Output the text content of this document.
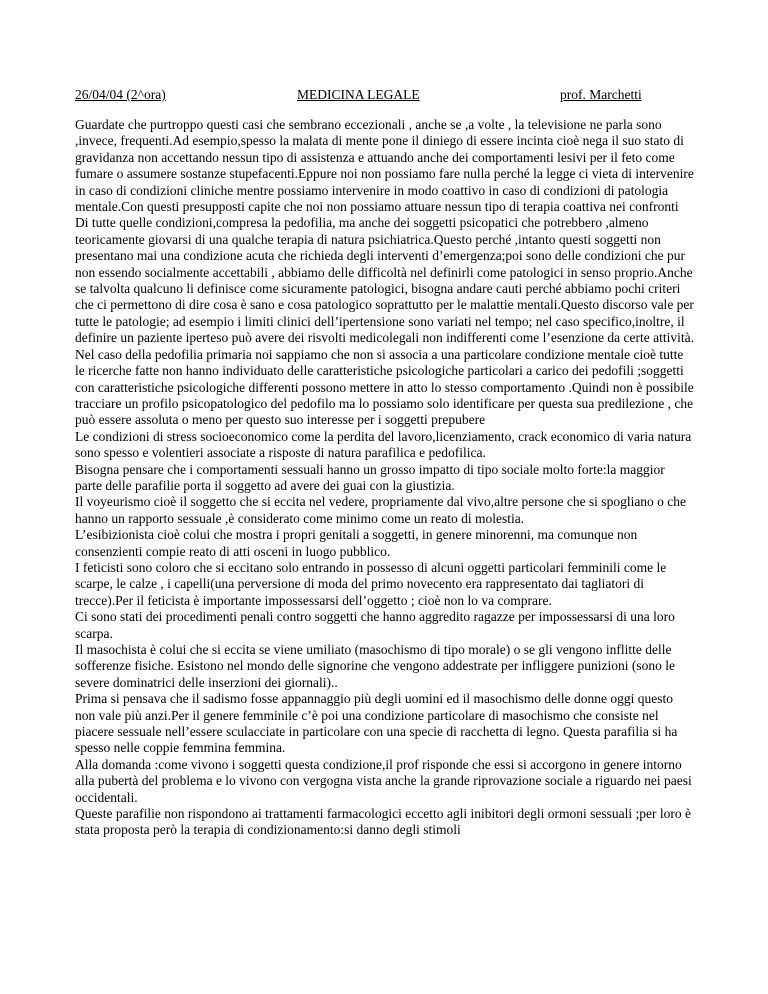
26/04/04 (2^ora)	MEDICINA LEGALE	prof. Marchetti

Guardate che purtroppo questi casi che sembrano eccezionali , anche se ,a volte , la televisione ne parla sono ,invece, frequenti.Ad esempio,spesso la malata di mente pone il diniego di essere incinta cioè nega il suo stato di gravidanza non accettando nessun tipo di assistenza e attuando anche dei comportamenti lesivi per il feto come fumare o assumere sostanze stupefacenti.Eppure noi non possiamo fare nulla perché la legge ci vieta di intervenire in caso di condizioni cliniche mentre possiamo intervenire in modo coattivo in caso di condizioni di patologia mentale.Con questi presupposti capite che noi non possiamo attuare nessun tipo di terapia coattiva nei confronti

Di tutte quelle condizioni,compresa la pedofilia, ma anche dei soggetti psicopatici che potrebbero ,almeno teoricamente giovarsi di una qualche terapia di natura psichiatrica.Questo perché ,intanto questi soggetti non presentano mai una condizione acuta che richieda degli interventi d’emergenza;poi sono delle condizioni che pur non essendo socialmente accettabili , abbiamo delle difficoltà nel definirli come patologici in senso proprio.Anche se talvolta qualcuno li definisce come sicuramente patologici, bisogna andare cauti perché abbiamo pochi criteri che ci permettono di dire cosa è sano e cosa patologico soprattutto per le malattie mentali.Questo discorso vale per tutte le patologie; ad esempio i limiti clinici dell’ipertensione sono variati nel tempo; nel caso specifico,inoltre, il definire un paziente iperteso può avere dei risvolti medicolegali non indifferenti come l’esenzione da certe attività.

Nel caso della pedofilia primaria noi sappiamo che non si associa a una particolare condizione mentale cioè tutte le ricerche fatte non hanno individuato delle caratteristiche psicologiche particolari a carico dei pedofili ;soggetti con caratteristiche psicologiche differenti possono mettere in atto lo stesso comportamento .Quindi non è possibile tracciare un profilo psicopatologico del pedofilo ma lo possiamo solo identificare per questa sua predilezione , che può essere assoluta o meno per questo suo interesse per i soggetti prepubere

Le condizioni di stress socioeconomico come la perdita del lavoro,licenziamento, crack economico di varia natura sono spesso e volentieri associate a risposte di natura parafilica e pedofilica.

Bisogna pensare che i comportamenti sessuali hanno un grosso impatto di tipo sociale molto forte:la maggior parte delle parafilie porta il soggetto ad avere dei guai con la giustizia.

Il voyeurismo cioè il soggetto che si eccita nel vedere, propriamente dal vivo,altre persone che si spogliano o che hanno un rapporto sessuale ,è considerato come minimo come un reato di molestia.

L’esibizionista cioè colui che mostra i propri genitali a soggetti, in genere minorenni, ma comunque non consenzienti compie reato di atti osceni in luogo pubblico.

I feticisti sono coloro che si eccitano solo entrando in possesso di alcuni oggetti particolari femminili come le scarpe, le calze , i capelli(una perversione di moda del primo novecento era rappresentato dai tagliatori di trecce).Per il feticista è importante impossessarsi dell’oggetto ; cioè non lo va comprare.

Ci sono stati dei procedimenti penali contro soggetti che hanno aggredito ragazze per impossessarsi di una loro scarpa.

Il masochista è colui che si eccita se viene umiliato (masochismo di tipo morale) o se gli vengono inflitte delle sofferenze fisiche. Esistono nel mondo delle signorine che vengono addestrate per infliggere punizioni (sono le severe dominatrici delle inserzioni dei giornali)..

Prima si pensava che il sadismo fosse appannaggio più degli uomini ed il masochismo delle donne oggi questo non vale più anzi.Per il genere femminile c’è poi una condizione particolare di masochismo che consiste nel piacere sessuale nell’essere sculacciate in particolare con una specie di racchetta di legno. Questa parafilia si ha spesso nelle coppie femmina femmina.

Alla domanda :come vivono i soggetti questa condizione,il prof risponde che essi si accorgono in genere intorno alla pubertà del problema e lo vivono con vergogna vista anche la grande riprovazione sociale a riguardo nei paesi occidentali.

Queste parafilie non rispondono ai trattamenti farmacologici eccetto agli inibitori degli ormoni sessuali ;per loro è stata proposta però la terapia di condizionamento:si danno degli stimoli
